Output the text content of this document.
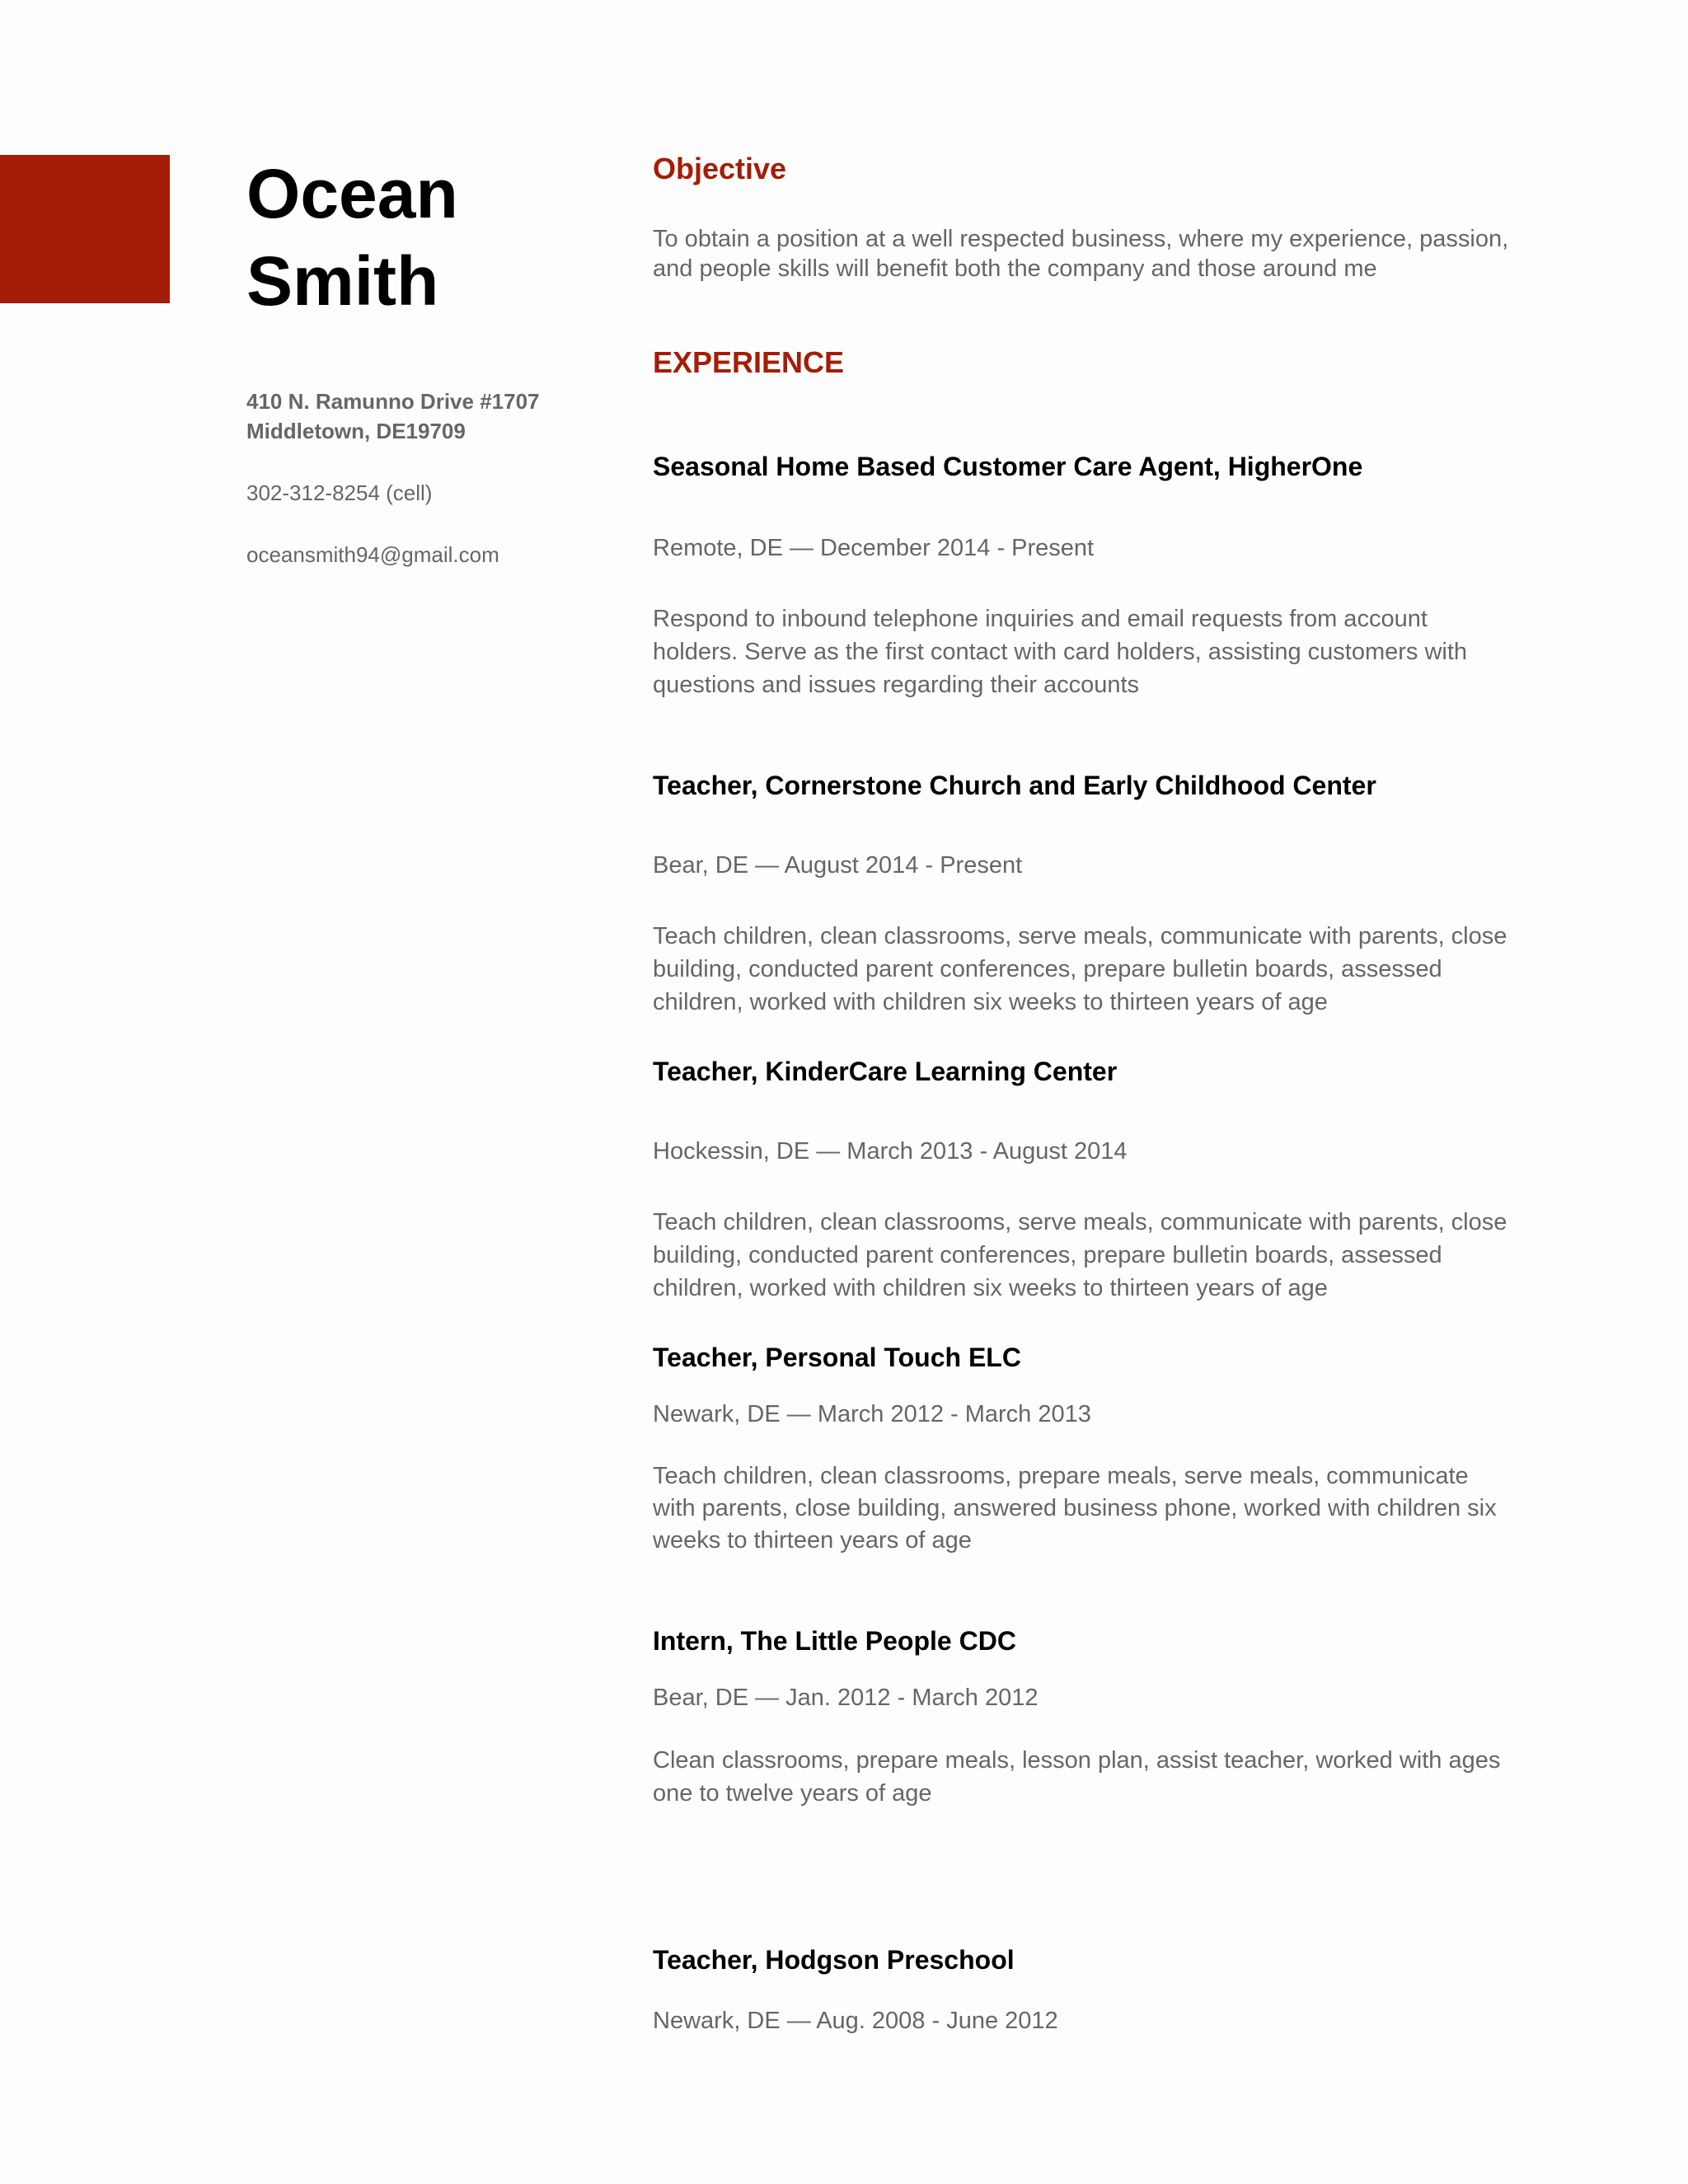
Ocean
Smith
410 N. Ramunno Drive #1707
Middletown, DE19709
302-312-8254 (cell)
oceansmith94@gmail.com
Objective
To obtain a position at a well respected business, where my experience, passion,
and people skills will benefit both the company and those around me
EXPERIENCE
Seasonal Home Based Customer Care Agent, HigherOne
Remote, DE — December 2014 - Present
Respond to inbound telephone inquiries and email requests from account
holders. Serve as the first contact with card holders, assisting customers with
questions and issues regarding their accounts
Teacher, Cornerstone Church and Early Childhood Center
Bear, DE — August 2014 - Present
Teach children, clean classrooms, serve meals, communicate with parents, close
building, conducted parent conferences, prepare bulletin boards, assessed
children, worked with children six weeks to thirteen years of age
Teacher, KinderCare Learning Center
Hockessin, DE — March 2013 - August 2014
Teach children, clean classrooms, serve meals, communicate with parents, close
building, conducted parent conferences, prepare bulletin boards, assessed
children, worked with children six weeks to thirteen years of age
Teacher, Personal Touch ELC
Newark, DE — March 2012 - March 2013
Teach children, clean classrooms, prepare meals, serve meals, communicate
with parents, close building, answered business phone, worked with children six
weeks to thirteen years of age
Intern, The Little People CDC
Bear, DE — Jan. 2012 - March 2012
Clean classrooms, prepare meals, lesson plan, assist teacher, worked with ages
one to twelve years of age
Teacher, Hodgson Preschool
Newark, DE — Aug. 2008 - June 2012
